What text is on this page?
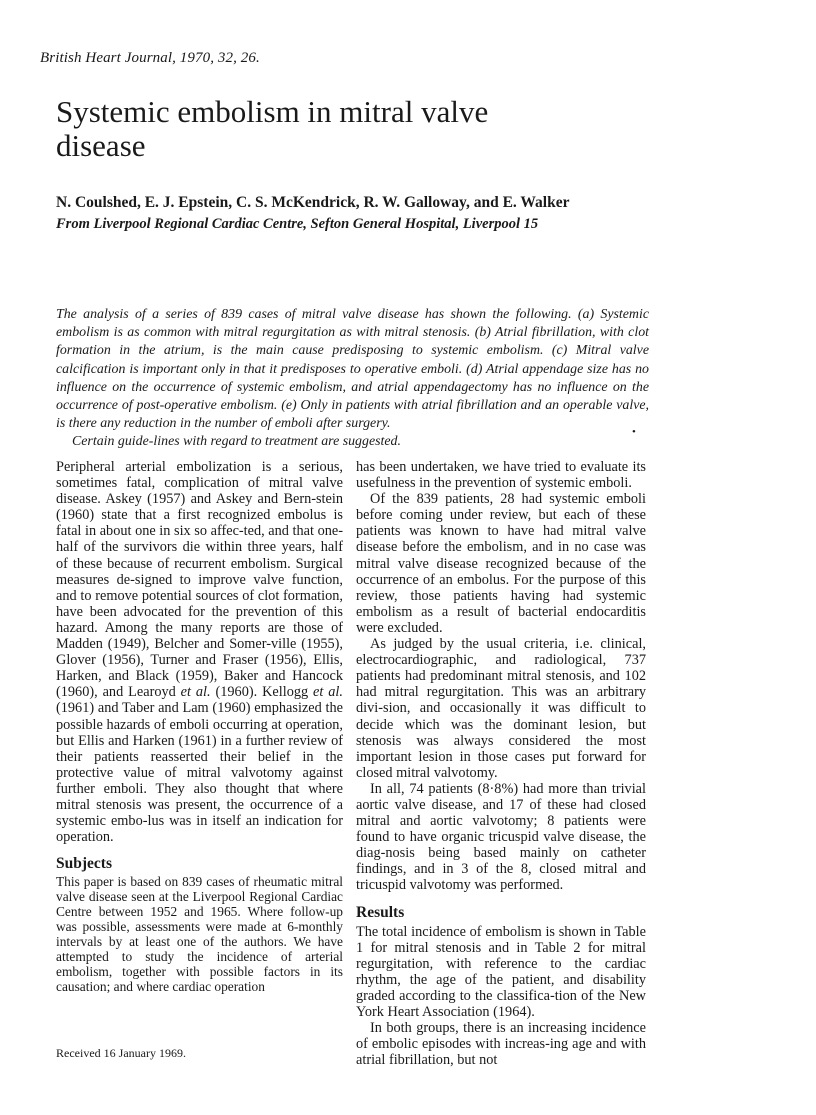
British Heart Journal, 1970, 32, 26.
Systemic embolism in mitral valve disease
N. Coulshed, E. J. Epstein, C. S. McKendrick, R. W. Galloway, and E. Walker
From Liverpool Regional Cardiac Centre, Sefton General Hospital, Liverpool 15

The analysis of a series of 839 cases of mitral valve disease has shown the following. (a) Systemic embolism is as common with mitral regurgitation as with mitral stenosis. (b) Atrial fibrillation, with clot formation in the atrium, is the main cause predisposing to systemic embolism. (c) Mitral valve calcification is important only in that it predisposes to operative emboli. (d) Atrial appendage size has no influence on the occurrence of systemic embolism, and atrial appendagectomy has no influence on the occurrence of post-operative embolism. (e) Only in patients with atrial fibrillation and an operable valve, is there any reduction in the number of emboli after surgery.

Certain guide-lines with regard to treatment are suggested.

•

Peripheral arterial embolization is a serious, sometimes fatal, complication of mitral valve disease. Askey (1957) and Askey and Bern-stein (1960) state that a first recognized embolus is fatal in about one in six so affec-ted, and that one-half of the survivors die within three years, half of these because of recurrent embolism. Surgical measures de-signed to improve valve function, and to remove potential sources of clot formation, have been advocated for the prevention of this hazard. Among the many reports are those of Madden (1949), Belcher and Somer-ville (1955), Glover (1956), Turner and Fraser (1956), Ellis, Harken, and Black (1959), Baker and Hancock (1960), and Learoyd et al. (1960). Kellogg et al. (1961) and Taber and Lam (1960) emphasized the possible hazards of emboli occurring at operation, but Ellis and Harken (1961) in a further review of their patients reasserted their belief in the protective value of mitral valvotomy against further emboli. They also thought that where mitral stenosis was present, the occurrence of a systemic embo-lus was in itself an indication for operation.

Subjects

This paper is based on 839 cases of rheumatic mitral valve disease seen at the Liverpool Regional Cardiac Centre between 1952 and 1965. Where follow-up was possible, assessments were made at 6-monthly intervals by at least one of the authors. We have attempted to study the incidence of arterial embolism, together with possible factors in its causation; and where cardiac operation

has been undertaken, we have tried to evaluate its usefulness in the prevention of systemic emboli.

Of the 839 patients, 28 had systemic emboli before coming under review, but each of these patients was known to have had mitral valve disease before the embolism, and in no case was mitral valve disease recognized because of the occurrence of an embolus. For the purpose of this review, those patients having had systemic embolism as a result of bacterial endocarditis were excluded.

As judged by the usual criteria, i.e. clinical, electrocardiographic, and radiological, 737 patients had predominant mitral stenosis, and 102 had mitral regurgitation. This was an arbitrary divi-sion, and occasionally it was difficult to decide which was the dominant lesion, but stenosis was always considered the most important lesion in those cases put forward for closed mitral valvotomy.

In all, 74 patients (8·8%) had more than trivial aortic valve disease, and 17 of these had closed mitral and aortic valvotomy; 8 patients were found to have organic tricuspid valve disease, the diag-nosis being based mainly on catheter findings, and in 3 of the 8, closed mitral and tricuspid valvotomy was performed.

Results

The total incidence of embolism is shown in Table 1 for mitral stenosis and in Table 2 for mitral regurgitation, with reference to the cardiac rhythm, the age of the patient, and disability graded according to the classifica-tion of the New York Heart Association (1964).

In both groups, there is an increasing incidence of embolic episodes with increas-ing age and with atrial fibrillation, but not

Received 16 January 1969.
